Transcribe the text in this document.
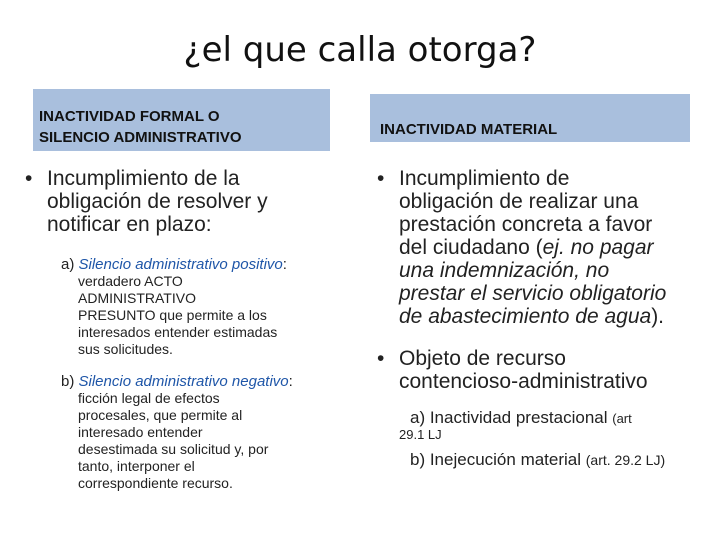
¿el que calla otorga?
INACTIVIDAD FORMAL O
SILENCIO ADMINISTRATIVO	INACTIVIDAD MATERIAL
• Incumplimiento de la
obligación de resolver y
notificar en plazo:
a) Silencio administrativo positivo:
verdadero ACTO
ADMINISTRATIVO
PRESUNTO que permite a los
interesados entender estimadas
sus solicitudes.
b) Silencio administrativo negativo:
ficción legal de efectos
procesales, que permite al
interesado entender
desestimada su solicitud y, por
tanto, interponer el
correspondiente recurso.
• Incumplimiento de
obligación de realizar una
prestación concreta a favor
del ciudadano (ej. no pagar
una indemnización, no
prestar el servicio obligatorio
de abastecimiento de agua).
• Objeto de recurso
contencioso-administrativo
a) Inactividad prestacional (art
29.1 LJ
b) Inejecución material (art. 29.2 LJ)
